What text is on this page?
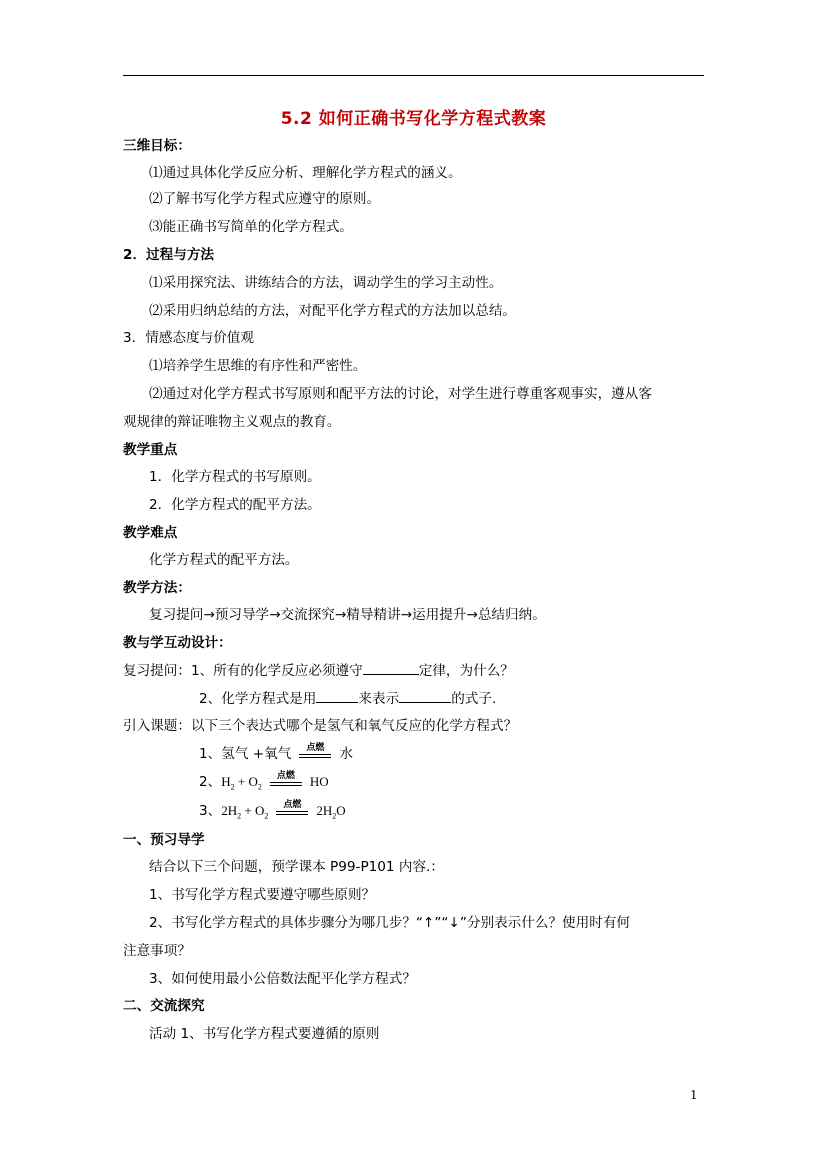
5.2 如何正确书写化学方程式教案
三维目标：
⑴通过具体化学反应分析、理解化学方程式的涵义。
⑵了解书写化学方程式应遵守的原则。
⑶能正确书写简单的化学方程式。
2．过程与方法
⑴采用探究法、讲练结合的方法，调动学生的学习主动性。
⑵采用归纳总结的方法，对配平化学方程式的方法加以总结。
3．情感态度与价值观
⑴培养学生思维的有序性和严密性。
⑵通过对化学方程式书写原则和配平方法的讨论，对学生进行尊重客观事实，遵从客
观规律的辩证唯物主义观点的教育。
教学重点
1．化学方程式的书写原则。
2．化学方程式的配平方法。
教学难点
化学方程式的配平方法。
教学方法：
复习提问→预习导学→交流探究→精导精讲→运用提升→总结归纳。
教与学互动设计：
复习提问：1、所有的化学反应必须遵守	定律，为什么？
2、化学方程式是用	来表示	的式子.
引入课题：以下三个表达式哪个是氢气和氧气反应的化学方程式？
1、氢气 +氧气	点燃	水
2、$H_2 + O_2$
点燃	HO
3、$2H_2 + O_2$
点燃	$2H_2O$
一、预习导学
结合以下三个问题，预学课本 P99-P101 内容.：
1、书写化学方程式要遵守哪些原则？
2、书写化学方程式的具体步骤分为哪几步？“↑”“↓”分别表示什么？使用时有何
注意事项？
3、如何使用最小公倍数法配平化学方程式？
二、交流探究
活动 1、书写化学方程式要遵循的原则
1
